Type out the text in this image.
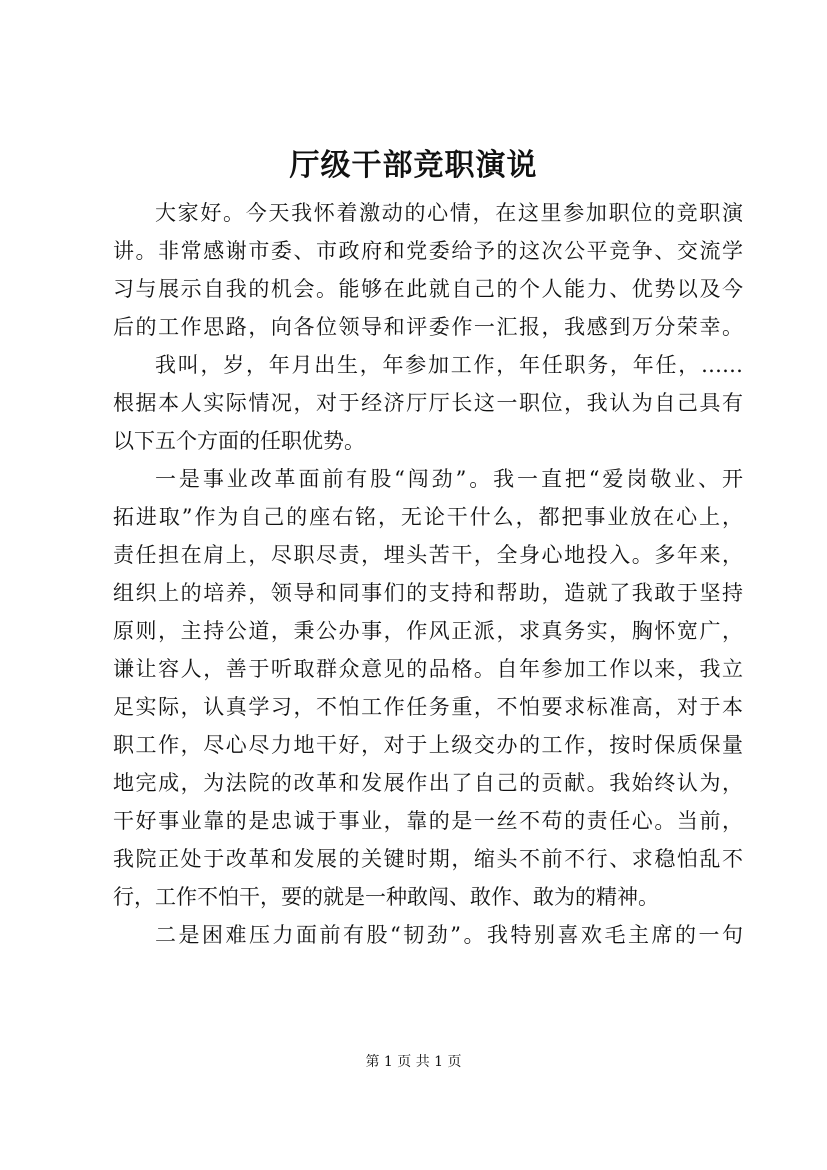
厅级干部竞职演说
大家好。今天我怀着激动的心情，在这里参加职位的竞职演
讲。非常感谢市委、市政府和党委给予的这次公平竞争、交流学
习与展示自我的机会。能够在此就自己的个人能力、优势以及今
后的工作思路，向各位领导和评委作一汇报，我感到万分荣幸。
我叫，岁，年月出生，年参加工作，年任职务，年任，……
根据本人实际情况，对于经济厅厅长这一职位，我认为自己具有
以下五个方面的任职优势。
一是事业改革面前有股“闯劲”。我一直把“爱岗敬业、开
拓进取”作为自己的座右铭，无论干什么，都把事业放在心上，
责任担在肩上，尽职尽责，埋头苦干，全身心地投入。多年来，
组织上的培养，领导和同事们的支持和帮助，造就了我敢于坚持
原则，主持公道，秉公办事，作风正派，求真务实，胸怀宽广，
谦让容人，善于听取群众意见的品格。自年参加工作以来，我立
足实际，认真学习，不怕工作任务重，不怕要求标准高，对于本
职工作，尽心尽力地干好，对于上级交办的工作，按时保质保量
地完成，为法院的改革和发展作出了自己的贡献。我始终认为，
干好事业靠的是忠诚于事业，靠的是一丝不苟的责任心。当前，
我院正处于改革和发展的关键时期，缩头不前不行、求稳怕乱不
行，工作不怕干，要的就是一种敢闯、敢作、敢为的精神。
二是困难压力面前有股“韧劲”。我特别喜欢毛主席的一句
第 1 页 共 1 页
